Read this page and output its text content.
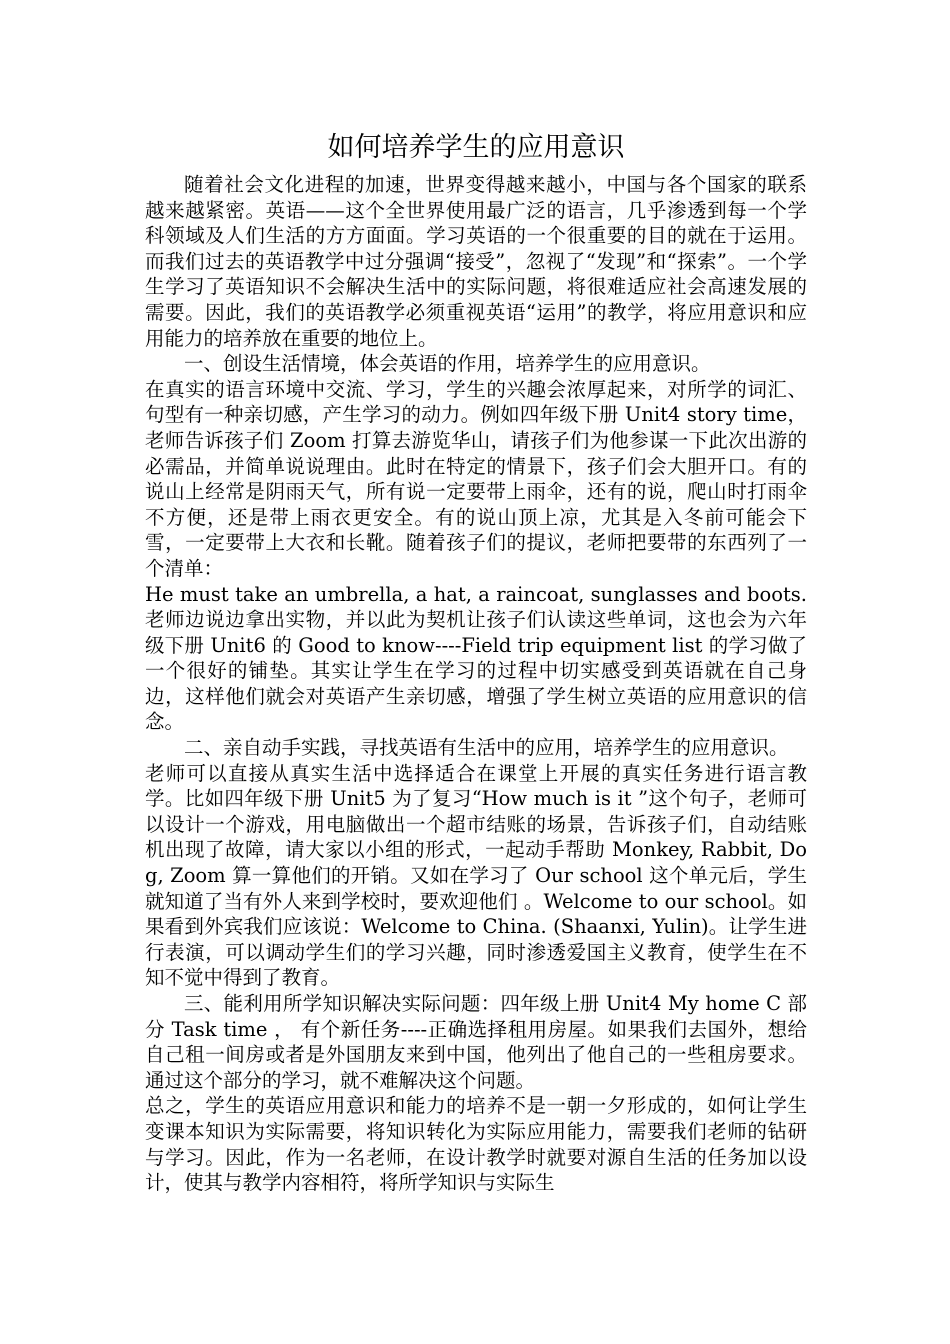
如何培养学生的应用意识

随着社会文化进程的加速，世界变得越来越小，中国与各个国家的联系越来越紧密。英语——这个全世界使用最广泛的语言，几乎渗透到每一个学科领域及人们生活的方方面面。学习英语的一个很重要的目的就在于运用。而我们过去的英语教学中过分强调“接受”，忽视了“发现”和“探索”。一个学生学习了英语知识不会解决生活中的实际问题，将很难适应社会高速发展的需要。因此，我们的英语教学必须重视英语“运用”的教学，将应用意识和应用能力的培养放在重要的地位上。

一、创设生活情境，体会英语的作用，培养学生的应用意识。

在真实的语言环境中交流、学习，学生的兴趣会浓厚起来，对所学的词汇、句型有一种亲切感，产生学习的动力。例如四年级下册 Unit4 story time，老师告诉孩子们 Zoom 打算去游览华山，请孩子们为他参谋一下此次出游的必需品，并简单说说理由。此时在特定的情景下，孩子们会大胆开口。有的说山上经常是阴雨天气，所有说一定要带上雨伞，还有的说，爬山时打雨伞不方便，还是带上雨衣更安全。有的说山顶上凉，尤其是入冬前可能会下雪，一定要带上大衣和长靴。随着孩子们的提议，老师把要带的东西列了一个清单：

He must take an umbrella, a hat, a raincoat, sunglasses and boots. 老师边说边拿出实物，并以此为契机让孩子们认读这些单词，这也会为六年级下册 Unit6 的 Good to know----Field trip equipment list 的学习做了一个很好的铺垫。其实让学生在学习的过程中切实感受到英语就在自己身边，这样他们就会对英语产生亲切感，增强了学生树立英语的应用意识的信念。

二、亲自动手实践，寻找英语有生活中的应用，培养学生的应用意识。

老师可以直接从真实生活中选择适合在课堂上开展的真实任务进行语言教学。比如四年级下册 Unit5 为了复习“How much is it ”这个句子，老师可以设计一个游戏，用电脑做出一个超市结账的场景，告诉孩子们，自动结账机出现了故障，请大家以小组的形式，一起动手帮助 Monkey, Rabbit, Dog, Zoom 算一算他们的开销。又如在学习了 Our school 这个单元后，学生就知道了当有外人来到学校时，要欢迎他们 。Welcome to our school。如果看到外宾我们应该说：Welcome to China. (Shaanxi, Yulin)。让学生进行表演，可以调动学生们的学习兴趣，同时渗透爱国主义教育，使学生在不知不觉中得到了教育。

三、能利用所学知识解决实际问题：四年级上册 Unit4 My home C 部分 Task time ， 有个新任务----正确选择租用房屋。如果我们去国外，想给自己租一间房或者是外国朋友来到中国，他列出了他自己的一些租房要求。通过这个部分的学习，就不难解决这个问题。

总之，学生的英语应用意识和能力的培养不是一朝一夕形成的，如何让学生变课本知识为实际需要，将知识转化为实际应用能力，需要我们老师的钻研与学习。因此，作为一名老师，在设计教学时就要对源自生活的任务加以设计，使其与教学内容相符，将所学知识与实际生
